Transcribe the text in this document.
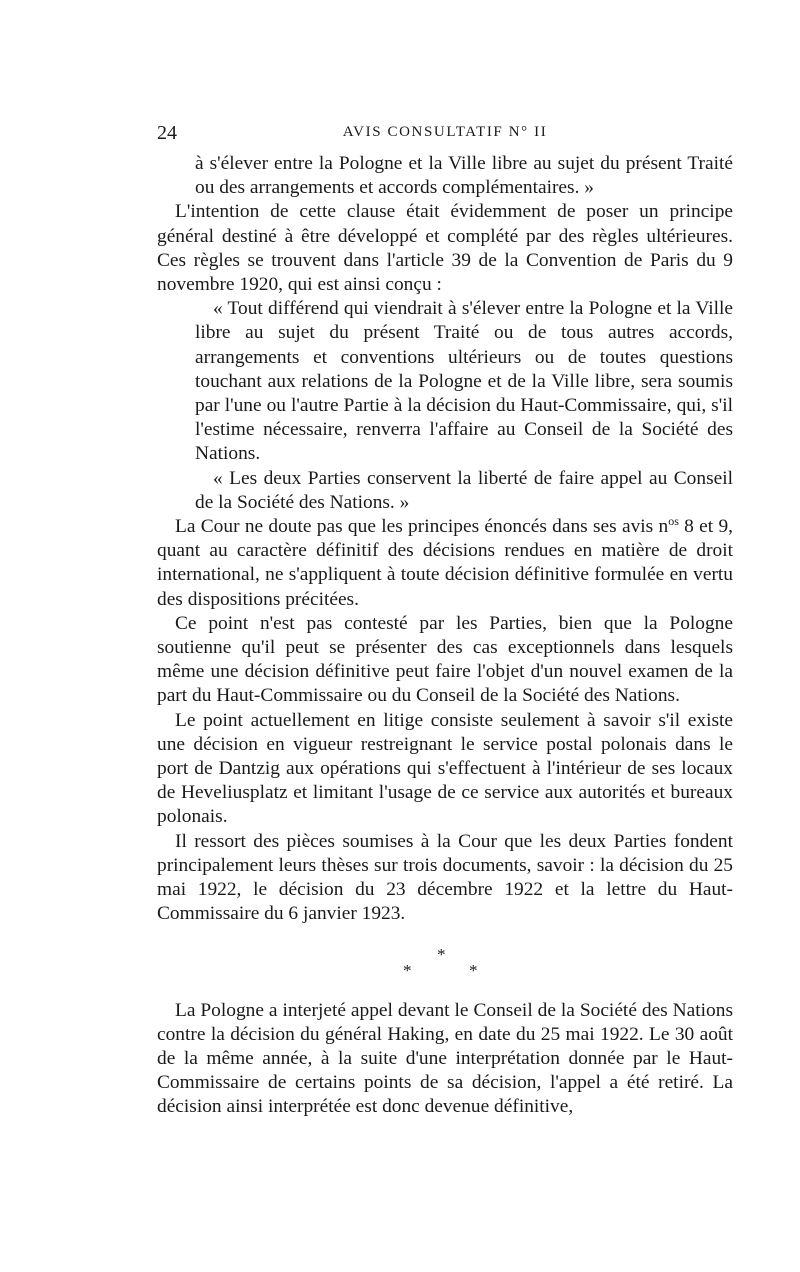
24	AVIS CONSULTATIF N° II

à s'élever entre la Pologne et la Ville libre au sujet du présent Traité ou des arrangements et accords complémentaires. »

L'intention de cette clause était évidemment de poser un principe général destiné à être développé et complété par des règles ultérieures. Ces règles se trouvent dans l'article 39 de la Convention de Paris du 9 novembre 1920, qui est ainsi conçu :

« Tout différend qui viendrait à s'élever entre la Pologne et la Ville libre au sujet du présent Traité ou de tous autres accords, arrangements et conventions ultérieurs ou de toutes questions touchant aux relations de la Pologne et de la Ville libre, sera soumis par l'une ou l'autre Partie à la décision du Haut-Commissaire, qui, s'il l'estime nécessaire, renverra l'affaire au Conseil de la Société des Nations.

« Les deux Parties conservent la liberté de faire appel au Conseil de la Société des Nations. »

La Cour ne doute pas que les principes énoncés dans ses avis $n^{os}$ 8 et 9, quant au caractère définitif des décisions rendues en matière de droit international, ne s'appliquent à toute décision définitive formulée en vertu des dispositions précitées.

Ce point n'est pas contesté par les Parties, bien que la Pologne soutienne qu'il peut se présenter des cas exceptionnels dans lesquels même une décision définitive peut faire l'objet d'un nouvel examen de la part du Haut-Commissaire ou du Conseil de la Société des Nations.

Le point actuellement en litige consiste seulement à savoir s'il existe une décision en vigueur restreignant le service postal polonais dans le port de Dantzig aux opérations qui s'effectuent à l'intérieur de ses locaux de Heveliusplatz et limitant l'usage de ce service aux autorités et bureaux polonais.

Il ressort des pièces soumises à la Cour que les deux Parties fondent principalement leurs thèses sur trois documents, savoir : la décision du 25 mai 1922, le décision du 23 décembre 1922 et la lettre du Haut-Commissaire du 6 janvier 1923.

*
*	*

La Pologne a interjeté appel devant le Conseil de la Société des Nations contre la décision du général Haking, en date du 25 mai 1922. Le 30 août de la même année, à la suite d'une interprétation donnée par le Haut-Commissaire de certains points de sa décision, l'appel a été retiré. La décision ainsi interprétée est donc devenue définitive,
